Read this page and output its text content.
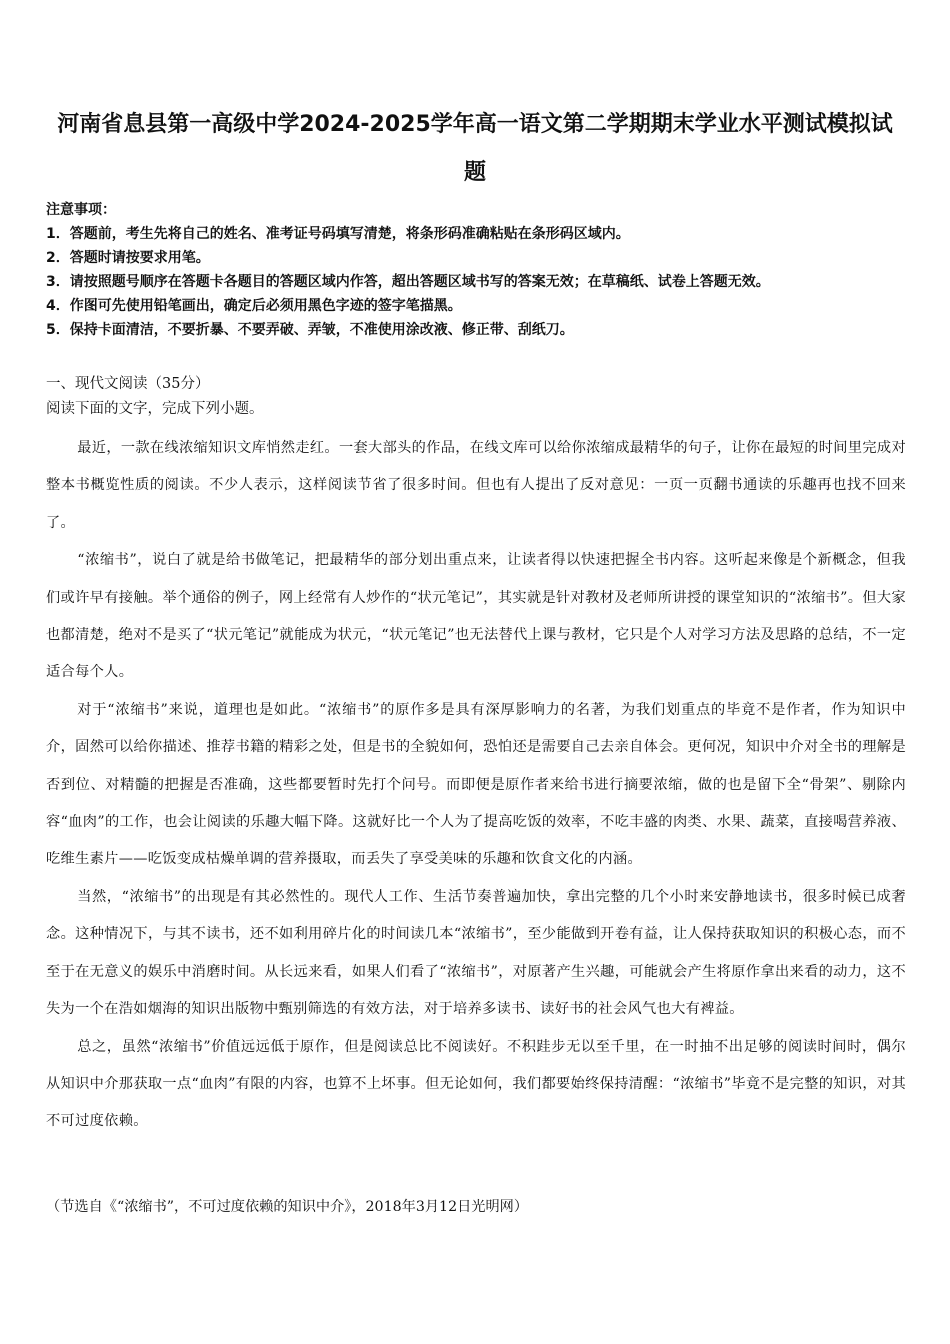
河南省息县第一高级中学2024-2025学年高一语文第二学期期末学业水平测试模拟试
题
注意事项：
1．答题前，考生先将自己的姓名、准考证号码填写清楚，将条形码准确粘贴在条形码区域内。
2．答题时请按要求用笔。
3．请按照题号顺序在答题卡各题目的答题区域内作答，超出答题区域书写的答案无效；在草稿纸、试卷上答题无效。
4．作图可先使用铅笔画出，确定后必须用黑色字迹的签字笔描黑。
5．保持卡面清洁，不要折暴、不要弄破、弄皱，不准使用涂改液、修正带、刮纸刀。
一、现代文阅读（35分）
阅读下面的文字，完成下列小题。

最近，一款在线浓缩知识文库悄然走红。一套大部头的作品，在线文库可以给你浓缩成最精华的句子，让你在最短的时间里完成对整本书概览性质的阅读。不少人表示，这样阅读节省了很多时间。但也有人提出了反对意见：一页一页翻书通读的乐趣再也找不回来了。

“浓缩书”，说白了就是给书做笔记，把最精华的部分划出重点来，让读者得以快速把握全书内容。这听起来像是个新概念，但我们或许早有接触。举个通俗的例子，网上经常有人炒作的“状元笔记”，其实就是针对教材及老师所讲授的课堂知识的“浓缩书”。但大家也都清楚，绝对不是买了“状元笔记”就能成为状元，“状元笔记”也无法替代上课与教材，它只是个人对学习方法及思路的总结，不一定适合每个人。

对于“浓缩书”来说，道理也是如此。“浓缩书”的原作多是具有深厚影响力的名著，为我们划重点的毕竟不是作者，作为知识中介，固然可以给你描述、推荐书籍的精彩之处，但是书的全貌如何，恐怕还是需要自己去亲自体会。更何况，知识中介对全书的理解是否到位、对精髓的把握是否准确，这些都要暂时先打个问号。而即便是原作者来给书进行摘要浓缩，做的也是留下全“骨架”、剔除内容“血肉”的工作，也会让阅读的乐趣大幅下降。这就好比一个人为了提高吃饭的效率，不吃丰盛的肉类、水果、蔬菜，直接喝营养液、吃维生素片——吃饭变成枯燥单调的营养摄取，而丢失了享受美味的乐趣和饮食文化的内涵。

当然，“浓缩书”的出现是有其必然性的。现代人工作、生活节奏普遍加快，拿出完整的几个小时来安静地读书，很多时候已成奢念。这种情况下，与其不读书，还不如利用碎片化的时间读几本“浓缩书”，至少能做到开卷有益，让人保持获取知识的积极心态，而不至于在无意义的娱乐中消磨时间。从长远来看，如果人们看了“浓缩书”，对原著产生兴趣，可能就会产生将原作拿出来看的动力，这不失为一个在浩如烟海的知识出版物中甄别筛选的有效方法，对于培养多读书、读好书的社会风气也大有裨益。

总之，虽然“浓缩书”价值远远低于原作，但是阅读总比不阅读好。不积跬步无以至千里，在一时抽不出足够的阅读时间时，偶尔从知识中介那获取一点“血肉”有限的内容，也算不上坏事。但无论如何，我们都要始终保持清醒：“浓缩书”毕竟不是完整的知识，对其不可过度依赖。

（节选自《“浓缩书”，不可过度依赖的知识中介》，2018年3月12日光明网）
